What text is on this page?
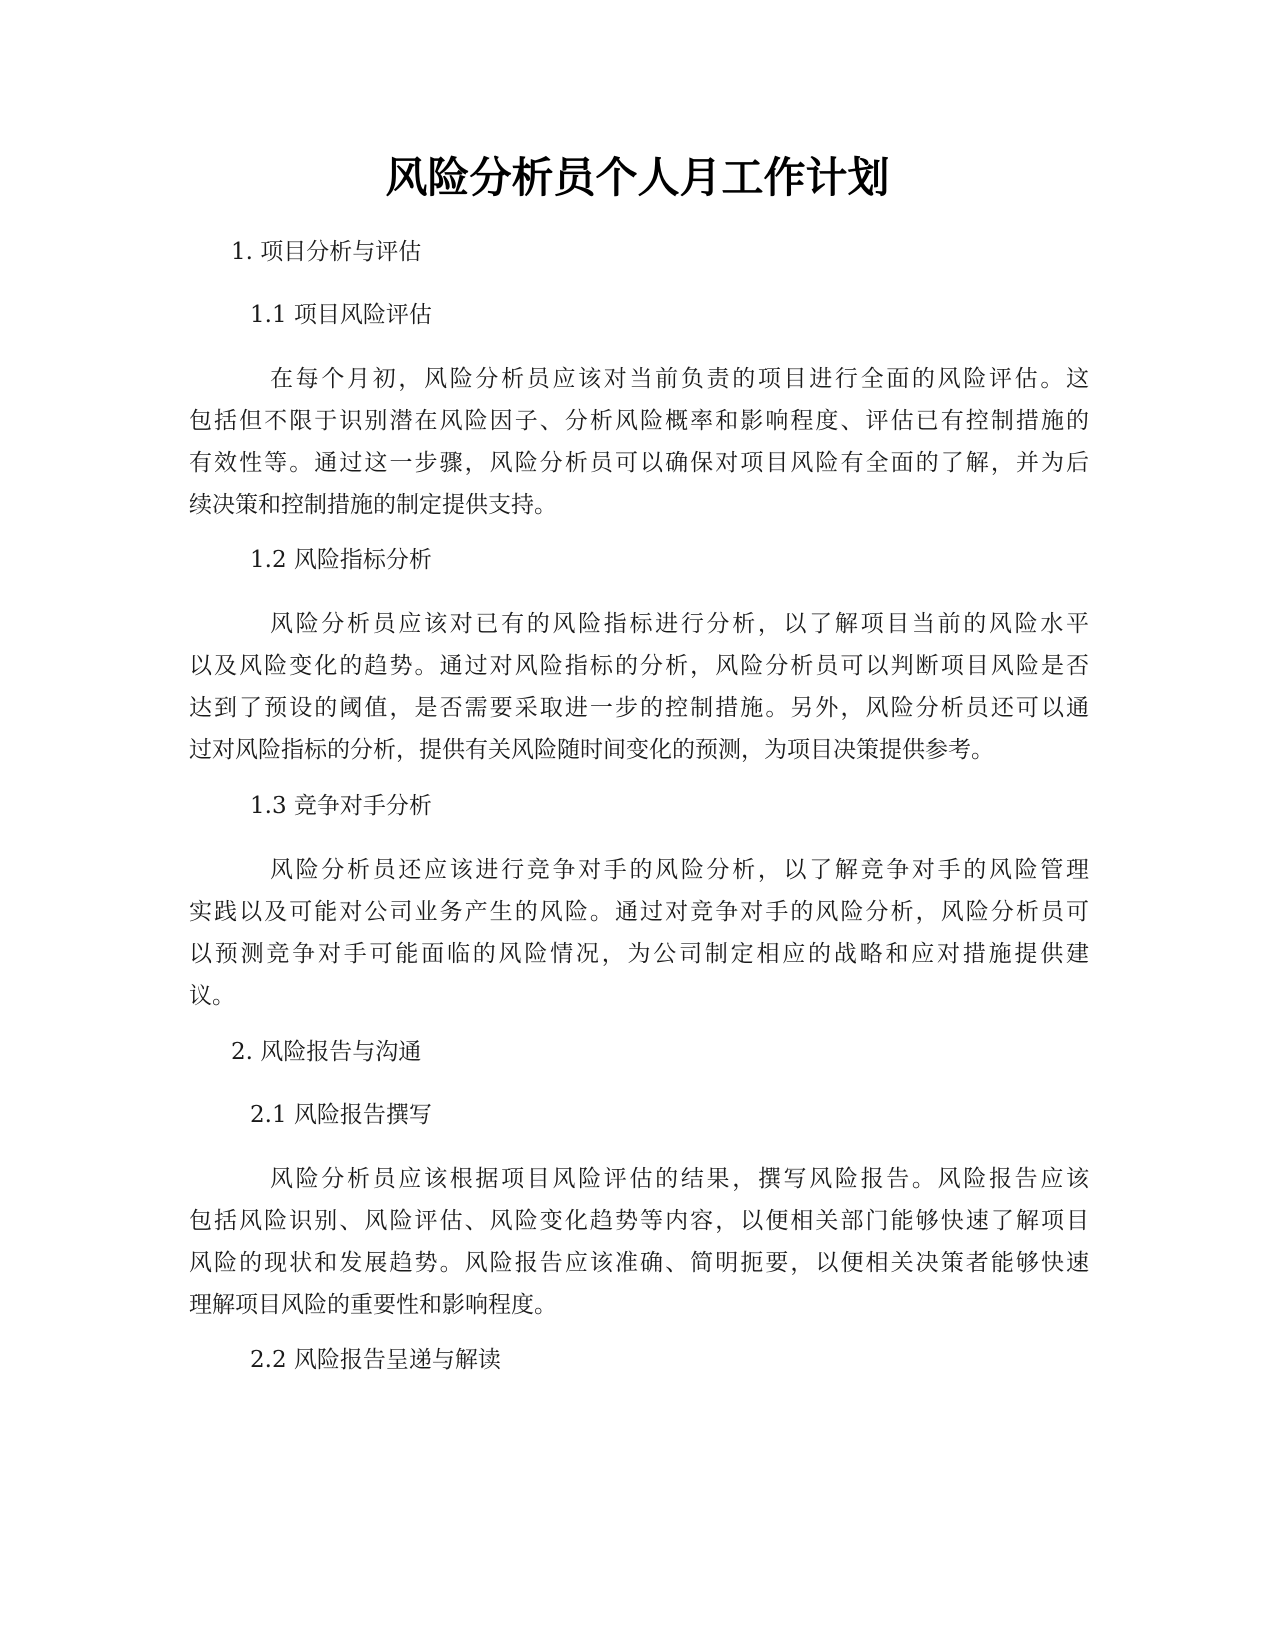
风险分析员个人月工作计划
1. 项目分析与评估
1.1 项目风险评估
在每个月初，风险分析员应该对当前负责的项目进行全面的风险评估。这
包括但不限于识别潜在风险因子、分析风险概率和影响程度、评估已有控制措施的
有效性等。通过这一步骤，风险分析员可以确保对项目风险有全面的了解，并为后
续决策和控制措施的制定提供支持。
1.2 风险指标分析
风险分析员应该对已有的风险指标进行分析，以了解项目当前的风险水平
以及风险变化的趋势。通过对风险指标的分析，风险分析员可以判断项目风险是否
达到了预设的阈值，是否需要采取进一步的控制措施。另外，风险分析员还可以通
过对风险指标的分析，提供有关风险随时间变化的预测，为项目决策提供参考。
1.3 竞争对手分析
风险分析员还应该进行竞争对手的风险分析，以了解竞争对手的风险管理
实践以及可能对公司业务产生的风险。通过对竞争对手的风险分析，风险分析员可
以预测竞争对手可能面临的风险情况，为公司制定相应的战略和应对措施提供建
议。
2. 风险报告与沟通
2.1 风险报告撰写
风险分析员应该根据项目风险评估的结果，撰写风险报告。风险报告应该
包括风险识别、风险评估、风险变化趋势等内容，以便相关部门能够快速了解项目
风险的现状和发展趋势。风险报告应该准确、简明扼要，以便相关决策者能够快速
理解项目风险的重要性和影响程度。
2.2 风险报告呈递与解读
